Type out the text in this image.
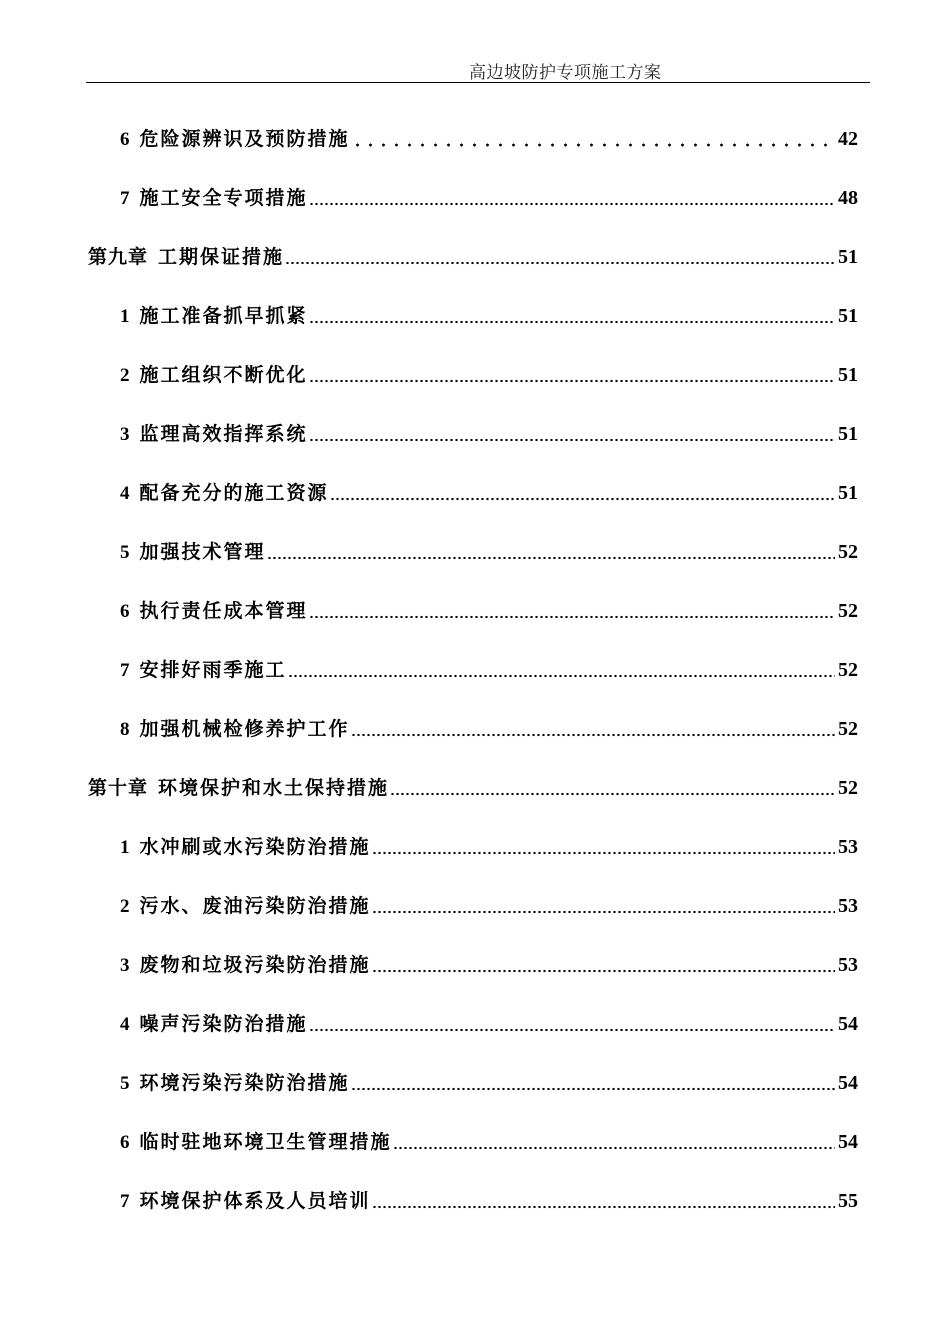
高边坡防护专项施工方案
6 危险源辨识及预防措施	42
7 施工安全专项措施	48
第九章 工期保证措施	51
1 施工准备抓早抓紧	51
2 施工组织不断优化	51
3 监理高效指挥系统	51
4 配备充分的施工资源	51
5 加强技术管理	52
6 执行责任成本管理	52
7 安排好雨季施工	52
8 加强机械检修养护工作	52
第十章 环境保护和水土保持措施	52
1 水冲刷或水污染防治措施	53
2 污水、废油污染防治措施	53
3 废物和垃圾污染防治措施	53
4 噪声污染防治措施	54
5 环境污染污染防治措施	54
6 临时驻地环境卫生管理措施	54
7 环境保护体系及人员培训	55
